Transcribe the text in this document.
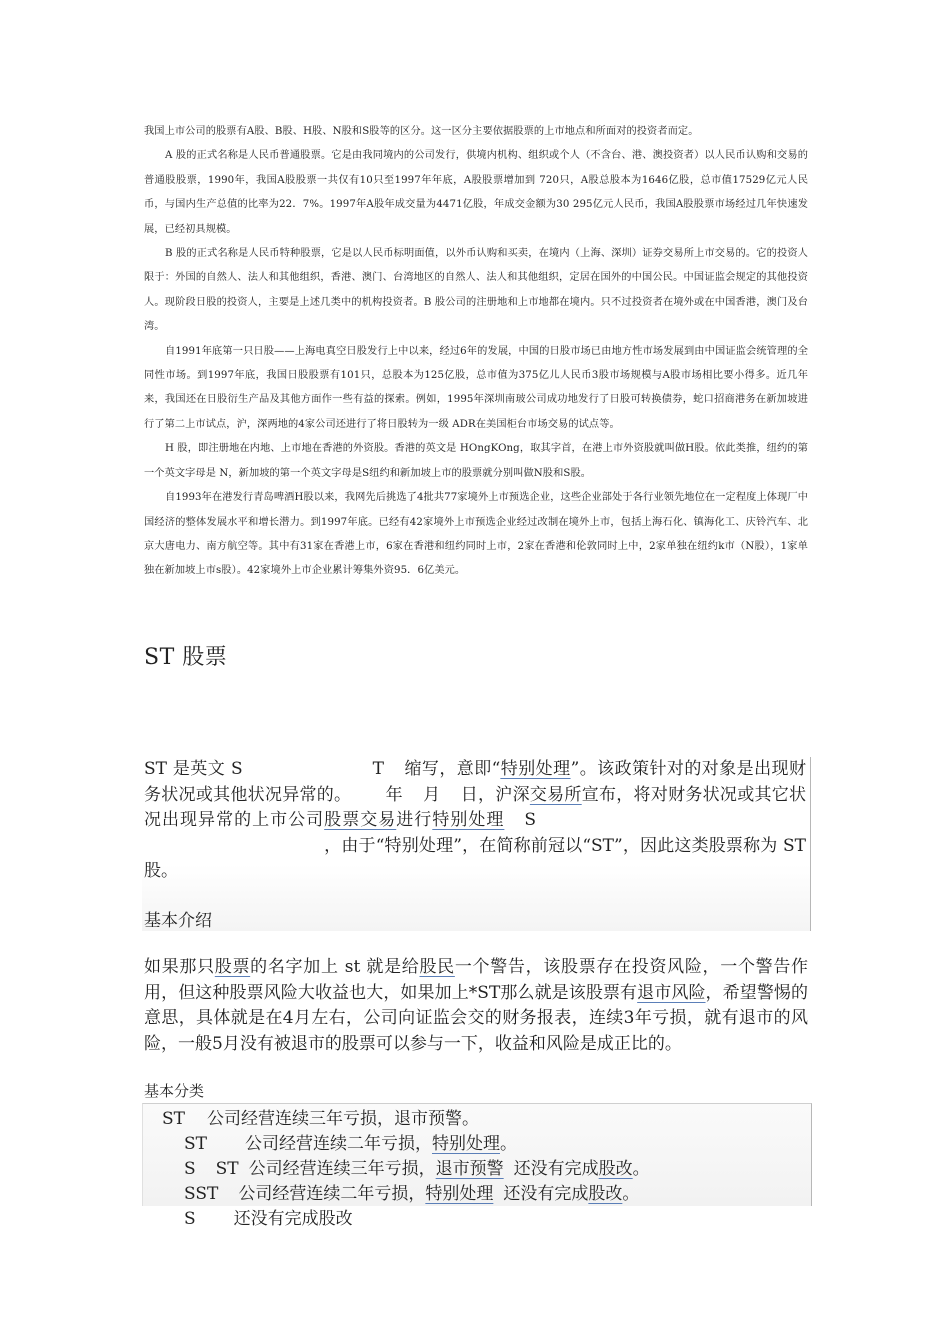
我国上市公司的股票有A股、B股、H股、N股和S股等的区分。这一区分主要依据股票的上市地点和所面对的投资者而定。

A 股的正式名称是人民币普通股票。它是由我同境内的公司发行，供境内机构、组织或个人（不含台、港、澳投资者）以人民币认购和交易的普通股股票，1990年，我国A股股票一共仅有10只至1997年年底，A股股票增加到 720只，A股总股本为1646亿股，总市值17529亿元人民币，与国内生产总值的比率为22．7%。1997年A股年成交量为4471亿股，年成交金额为30 295亿元人民币，我国A股股票市场经过几年快速发展，已经初具规模。

B 股的正式名称是人民币特种股票，它是以人民币标明面值，以外币认购和买卖，在境内（上海、深圳）证券交易所上市交易的。它的投资人限于：外国的自然人、法人和其他组织，香港、澳门、台湾地区的自然人、法人和其他组织，定居在国外的中国公民。中国证监会规定的其他投资人。现阶段日股的投资人，主要是上述几类中的机构投资者。B 股公司的注册地和上市地都在境内。只不过投资者在境外或在中国香港，澳门及台湾。

自1991年底第一只日股——上海电真空日股发行上中以来，经过6年的发展，中国的日股市场已由地方性市场发展到由中国证监会统管理的全同性市场。到1997年底，我国日股股票有101只，总股本为125亿股，总市值为375亿儿人民币3股市场规模与A股市场相比要小得多。近几年来，我国还在日股衍生产品及其他方面作一些有益的探索。例如，1995年深圳南玻公司成功地发行了日股可转换债券，蛇口招商港务在新加坡进行了第二上市试点，沪，深两地的4家公司还进行了将日股转为一级 ADR在美国柜台市场交易的试点等。

H 股，即注册地在内地、上市地在香港的外资股。香港的英文是 HOngKOng，取其字首，在港上市外资股就叫做H股。依此类推，纽约的第一个英文字母是 N，新加坡的第一个英文字母是S纽约和新加坡上市的股票就分别叫做N股和S股。

自1993年在港发行青岛啤酒H股以来，我网先后挑选了4批共77家境外上市预选企业，这些企业部处于各行业领先地位在一定程度上体现厂中国经济的整体发展水平和增长潜力。到1997年底。已经有42家境外上市预选企业经过改制在境外上市，包括上海石化、镇海化工、庆铃汽车、北京大唐电力、南方航空等。其中有31家在香港上市，6家在香港和纽约同时上市，2家在香港和伦敦同时上中，2家单独在纽约k市（N股），1家单独在新加坡上市s股）。42家境外上市企业累计筹集外资95．6亿美元。

ST 股票
ST 是英文 S	T 缩写，意即“特别处理”。该政策针对的对象是出现财务状况或其他状况异常的。 年 月 日，沪深交易所宣布，将对财务状况或其它状况出现异常的上市公司股票交易进行特别处理 S，由于“特别处理”，在简称前冠以“ST”，因此这类股票称为 ST股。
基本介绍
如果那只股票的名字加上 st 就是给股民一个警告，该股票存在投资风险，一个警告作用，但这种股票风险大收益也大，如果加上*ST那么就是该股票有退市风险，希望警惕的意思，具体就是在4月左右，公司向证监会交的财务报表，连续3年亏损，就有退市的风险，一般5月没有被退市的股票可以参与一下，收益和风险是成正比的。
基本分类
ST 公司经营连续三年亏损，退市预警。
ST 公司经营连续二年亏损，特别处理。
S ST 公司经营连续三年亏损，退市预警 还没有完成股改。
SST 公司经营连续二年亏损，特别处理 还没有完成股改。
S 还没有完成股改
